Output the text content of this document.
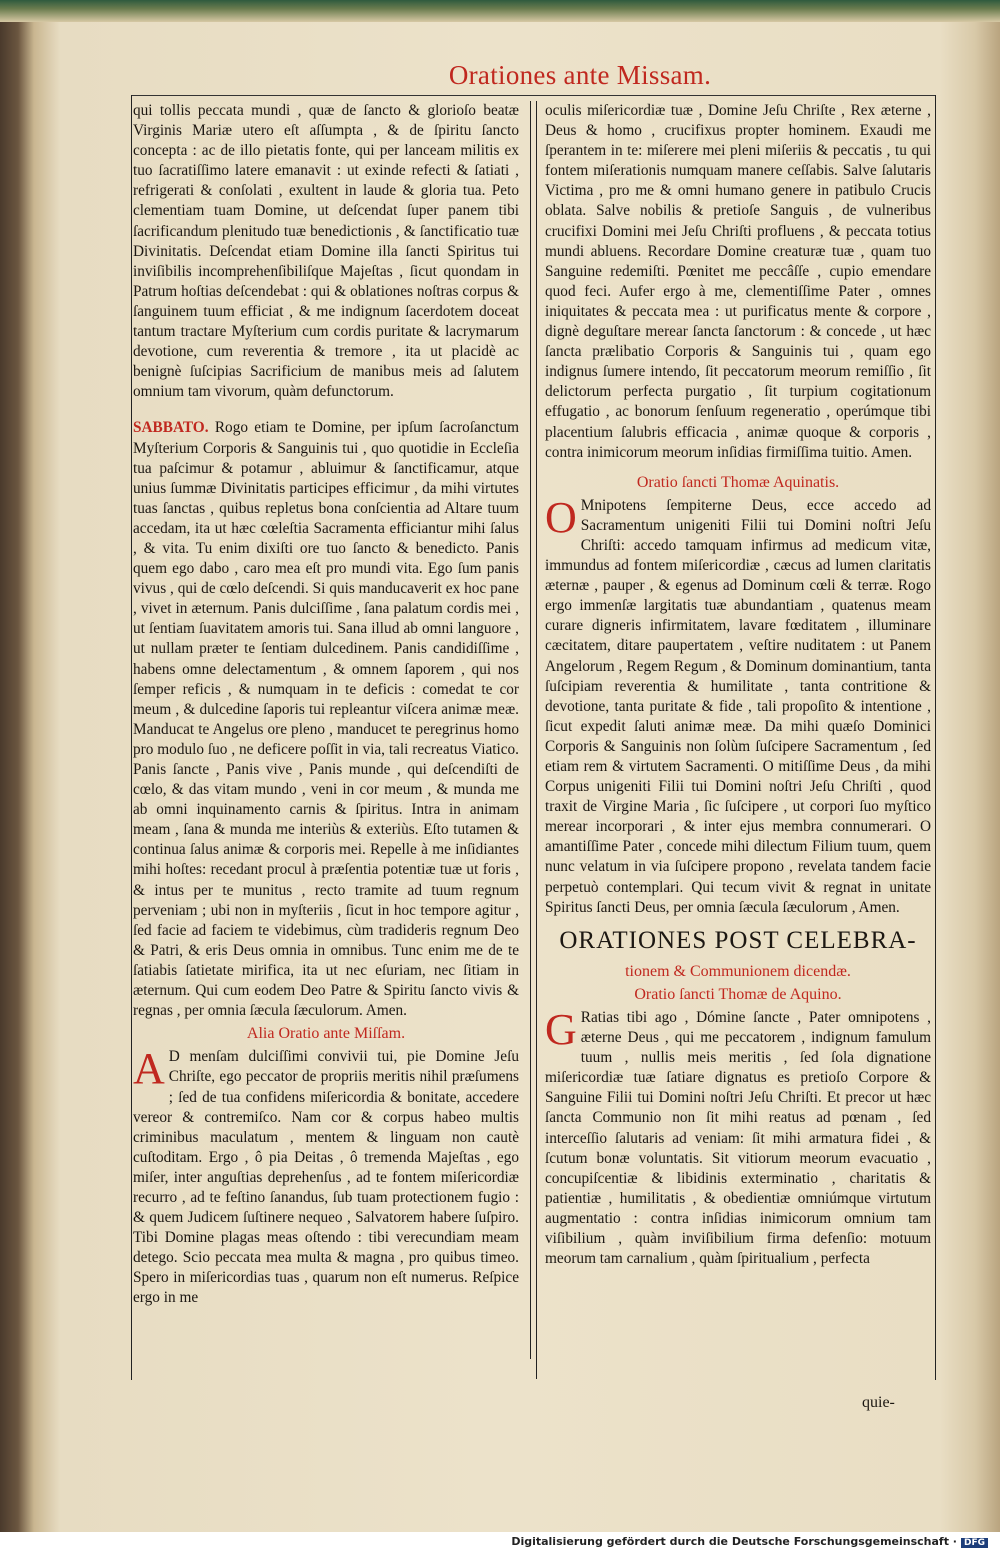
Orationes ante Missam.

qui tollis peccata mundi , quæ de ſancto & glorioſo beatæ Virginis Mariæ utero eſt aſſumpta , & de ſpiritu ſancto concepta : ac de illo pietatis fonte, qui per lanceam militis ex tuo ſacratiſſimo latere emanavit : ut exinde refecti & ſatiati , refrigerati & conſolati , exultent in laude & gloria tua. Peto clementiam tuam Domine, ut deſcendat ſuper panem tibi ſacrificandum plenitudo tuæ benedictionis , & ſanctificatio tuæ Divinitatis. Deſcendat etiam Domine illa ſancti Spiritus tui inviſibilis incomprehenſibiliſque Majeſtas , ſicut quondam in Patrum hoſtias deſcendebat : qui & oblationes noſtras corpus & ſanguinem tuum efficiat , & me indignum ſacerdotem doceat tantum tractare Myſterium cum cordis puritate & lacrymarum devotione, cum reverentia & tremore , ita ut placidè ac benignè ſuſcipias Sacrificium de manibus meis ad ſalutem omnium tam vivorum, quàm defunctorum.

SABBATO. Rogo etiam te Domine, per ipſum ſacroſanctum Myſterium Corporis & Sanguinis tui , quo quotidie in Eccleſia tua paſcimur & potamur , abluimur & ſanctificamur, atque unius ſummæ Divinitatis participes efficimur , da mihi virtutes tuas ſanctas , quibus repletus bona conſcientia ad Altare tuum accedam, ita ut hæc cœleſtia Sacramenta efficiantur mihi ſalus , & vita. Tu enim dixiſti ore tuo ſancto & benedicto. Panis quem ego dabo , caro mea eſt pro mundi vita. Ego ſum panis vivus , qui de cœlo deſcendi. Si quis manducaverit ex hoc pane , vivet in æternum. Panis dulciſſime , ſana palatum cordis mei , ut ſentiam ſuavitatem amoris tui. Sana illud ab omni languore , ut nullam præter te ſentiam dulcedinem. Panis candidiſſime , habens omne delectamentum , & omnem ſaporem , qui nos ſemper reficis , & numquam in te deficis : comedat te cor meum , & dulcedine ſaporis tui repleantur viſcera animæ meæ. Manducat te Angelus ore pleno , manducet te peregrinus homo pro modulo ſuo , ne deficere poſſit in via, tali recreatus Viatico. Panis ſancte , Panis vive , Panis munde , qui deſcendiſti de cœlo, & das vitam mundo , veni in cor meum , & munda me ab omni inquinamento carnis & ſpiritus. Intra in animam meam , ſana & munda me interiùs & exteriùs. Eſto tutamen & continua ſalus animæ & corporis mei. Repelle à me inſidiantes mihi hoſtes: recedant procul à præſentia potentiæ tuæ ut foris , & intus per te munitus , recto tramite ad tuum regnum perveniam ; ubi non in myſteriis , ſicut in hoc tempore agitur , ſed facie ad faciem te videbimus, cùm tradideris regnum Deo & Patri, & eris Deus omnia in omnibus. Tunc enim me de te ſatiabis ſatietate mirifica, ita ut nec eſuriam, nec ſitiam in æternum. Qui cum eodem Deo Patre & Spiritu ſancto vivis & regnas , per omnia ſæcula ſæculorum. Amen.

Alia Oratio ante Miſſam.

A D menſam dulciſſimi convivii tui, pie Domine Jeſu Chriſte, ego peccator de propriis meritis nihil præſumens ; ſed de tua confidens miſericordia & bonitate, accedere vereor & contremiſco. Nam cor & corpus habeo multis criminibus maculatum , mentem & linguam non cautè cuſtoditam. Ergo , ô pia Deitas , ô tremenda Majeſtas , ego miſer, inter anguſtias deprehenſus , ad te fontem miſericordiæ recurro , ad te feſtino ſanandus, ſub tuam protectionem fugio : & quem Judicem ſuſtinere nequeo , Salvatorem habere ſuſpiro. Tibi Domine plagas meas oſtendo : tibi verecundiam meam detego. Scio peccata mea multa & magna , pro quibus timeo. Spero in miſericordias tuas , quarum non eſt numerus. Reſpice ergo in me

oculis miſericordiæ tuæ , Domine Jeſu Chriſte , Rex æterne , Deus & homo , crucifixus propter hominem. Exaudi me ſperantem in te: miſerere mei pleni miſeriis & peccatis , tu qui fontem miſerationis numquam manere ceſſabis. Salve ſalutaris Victima , pro me & omni humano genere in patibulo Crucis oblata. Salve nobilis & pretioſe Sanguis , de vulneribus crucifixi Domini mei Jeſu Chriſti profluens , & peccata totius mundi abluens. Recordare Domine creaturæ tuæ , quam tuo Sanguine redemiſti. Pœnitet me peccâſſe , cupio emendare quod feci. Aufer ergo à me, clementiſſime Pater , omnes iniquitates & peccata mea : ut purificatus mente & corpore , dignè deguſtare merear ſancta ſanctorum : & concede , ut hæc ſancta prælibatio Corporis & Sanguinis tui , quam ego indignus ſumere intendo, ſit peccatorum meorum remiſſio , ſit delictorum perfecta purgatio , ſit turpium cogitationum effugatio , ac bonorum ſenſuum regeneratio , operúmque tibi placentium ſalubris efficacia , animæ quoque & corporis , contra inimicorum meorum inſidias firmiſſima tuitio. Amen.

Oratio ſancti Thomæ Aquinatis.

O Mnipotens ſempiterne Deus, ecce accedo ad Sacramentum unigeniti Filii tui Domini noſtri Jeſu Chriſti: accedo tamquam infirmus ad medicum vitæ, immundus ad fontem miſericordiæ , cæcus ad lumen claritatis æternæ , pauper , & egenus ad Dominum cœli & terræ. Rogo ergo immenſæ largitatis tuæ abundantiam , quatenus meam curare digneris infirmitatem, lavare fœditatem , illuminare cæcitatem, ditare paupertatem , veſtire nuditatem : ut Panem Angelorum , Regem Regum , & Dominum dominantium, tanta ſuſcipiam reverentia & humilitate , tanta contritione & devotione, tanta puritate & fide , tali propoſito & intentione , ſicut expedit ſaluti animæ meæ. Da mihi quæſo Dominici Corporis & Sanguinis non ſolùm ſuſcipere Sacramentum , ſed etiam rem & virtutem Sacramenti. O mitiſſime Deus , da mihi Corpus unigeniti Filii tui Domini noſtri Jeſu Chriſti , quod traxit de Virgine Maria , ſic ſuſcipere , ut corpori ſuo myſtico merear incorporari , & inter ejus membra connumerari. O amantiſſime Pater , concede mihi dilectum Filium tuum, quem nunc velatum in via ſuſcipere propono , revelata tandem facie perpetuò contemplari. Qui tecum vivit & regnat in unitate Spiritus ſancti Deus, per omnia ſæcula ſæculorum , Amen.

ORATIONES POST CELEBRA-
tionem & Communionem dicendæ.
Oratio ſancti Thomæ de Aquino.

G Ratias tibi ago , Dómine ſancte , Pater omnipotens , æterne Deus , qui me peccatorem , indignum famulum tuum , nullis meis meritis , ſed ſola dignatione miſericordiæ tuæ ſatiare dignatus es pretioſo Corpore & Sanguine Filii tui Domini noſtri Jeſu Chriſti. Et precor ut hæc ſancta Communio non ſit mihi reatus ad pœnam , ſed interceſſio ſalutaris ad veniam: ſit mihi armatura fidei , & ſcutum bonæ voluntatis. Sit vitiorum meorum evacuatio , concupiſcentiæ & libidinis exterminatio , charitatis & patientiæ , humilitatis , & obedientiæ omniúmque virtutum augmentatio : contra inſidias inimicorum omnium tam viſibilium , quàm inviſibilium firma defenſio: motuum meorum tam carnalium , quàm ſpiritualium , perfecta

quie-
Digitalisierung gefördert durch die Deutsche Forschungsgemeinschaft · DFG
